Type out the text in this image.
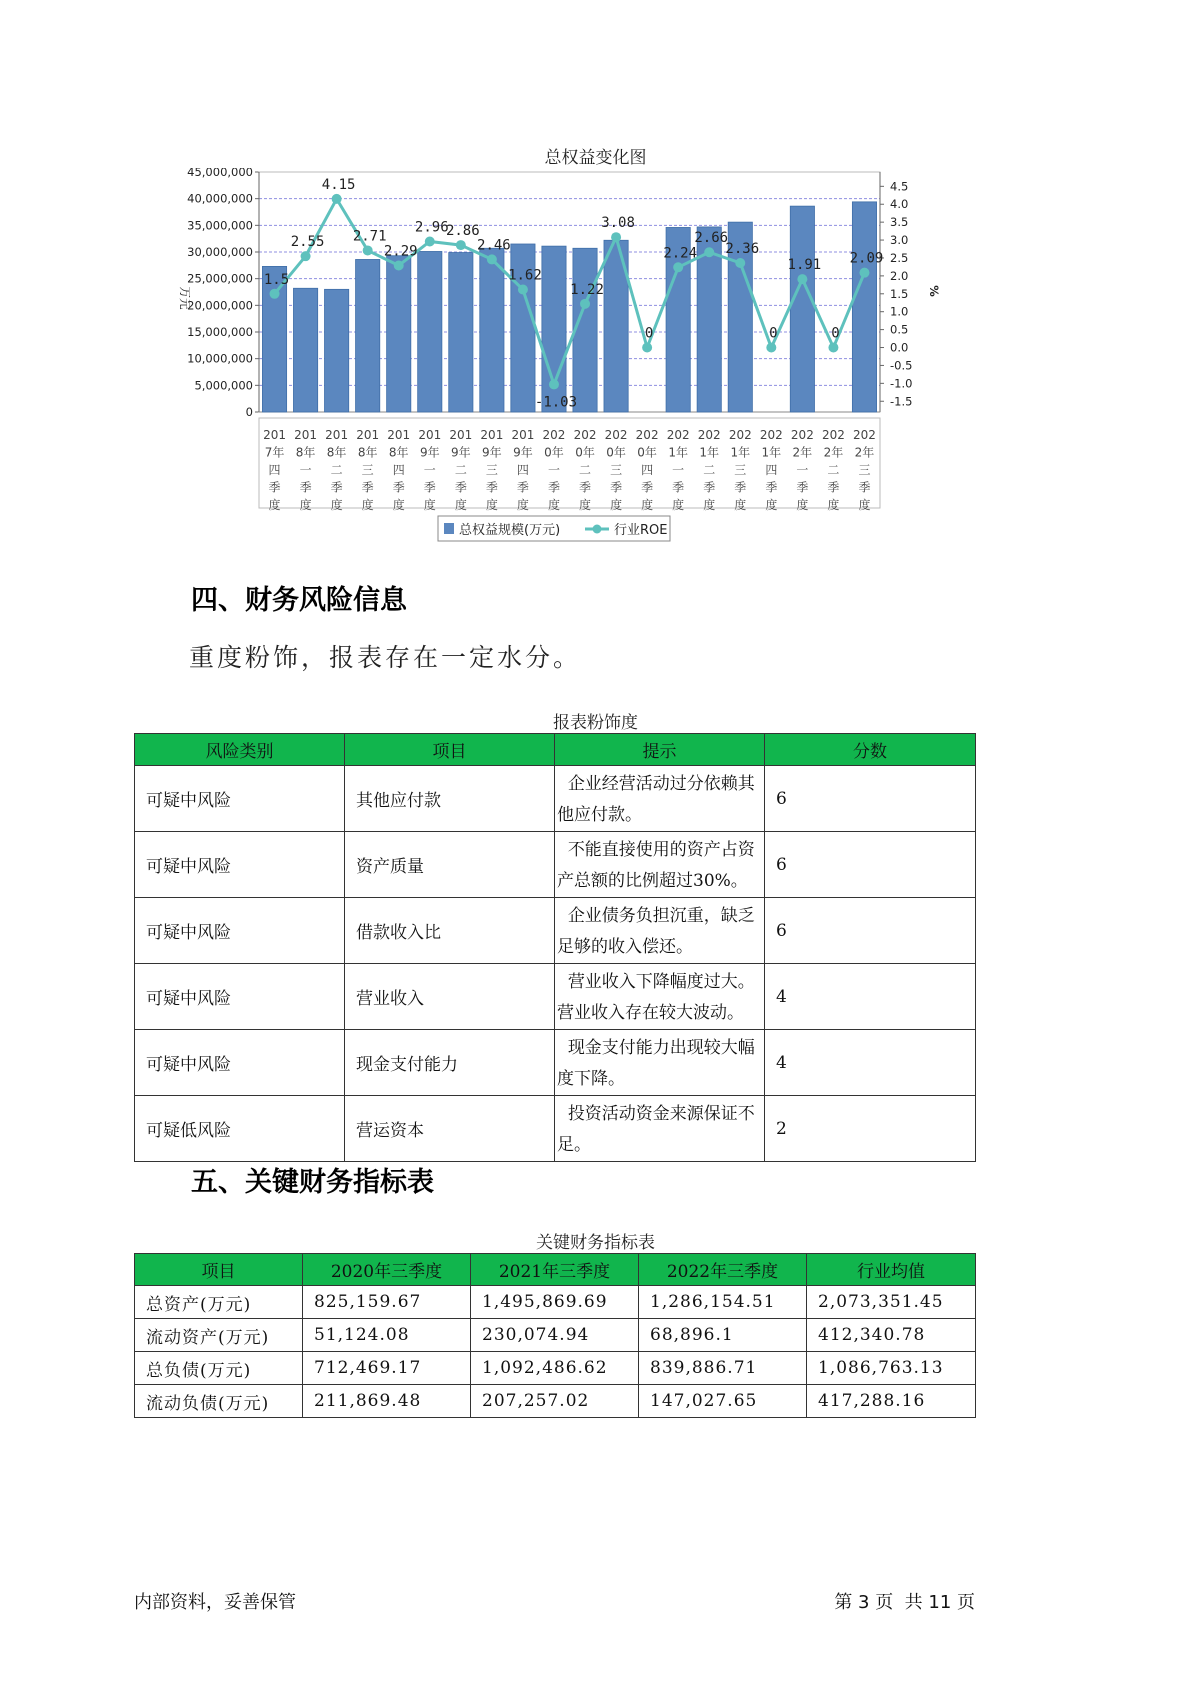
总权益变化图
45,000,000
40,000,000
35,000,000
30,000,000
25,000,000
20,000,000
15,000,000
10,000,000
5,000,000
0
4.5
4.0
3.5
3.0
2.5
2.0
1.5
1.0
0.5
0.0
-0.5
-1.0
-1.5
万元	%
201
7年
四
季
度
201
8年
一
季
度
201
8年
二
季
度
201
8年
三
季
度
201
8年
四
季
度
201
9年
一
季
度
201
9年
二
季
度
201
9年
三
季
度
201
9年
四
季
度
202
0年
一
季
度
202
0年
二
季
度
202
0年
三
季
度
202
0年
四
季
度
202
1年
一
季
度
202
1年
二
季
度
202
1年
三
季
度
202
1年
四
季
度
202
2年
一
季
度
202
2年
二
季
度
202
2年
三
季
度
1.5
2.55
4.15
2.71
2.29
2.96
2.86
2.46
1.62
-1.03
1.22
3.08
0
2.24
2.66
2.36
0
1.91
0
2.09
总权益规模(万元)	行业ROE
四、财务风险信息
重度粉饰，报表存在一定水分。
报表粉饰度
风险类别	项目	提示	分数
可疑中风险	其他应付款	企业经营活动过分依赖其他应付款。	6
可疑中风险	资产质量	不能直接使用的资产占资产总额的比例超过30%。	6
可疑中风险	借款收入比	企业债务负担沉重，缺乏足够的收入偿还。	6
可疑中风险	营业收入	营业收入下降幅度过大。营业收入存在较大波动。	4
可疑中风险	现金支付能力	现金支付能力出现较大幅度下降。	4
可疑低风险	营运资本	投资活动资金来源保证不足。	2
五、关键财务指标表
关键财务指标表
项目	2020年三季度	2021年三季度	2022年三季度	行业均值
总资产(万元)	825,159.67	1,495,869.69	1,286,154.51	2,073,351.45
流动资产(万元)	51,124.08	230,074.94	68,896.1	412,340.78
总负债(万元)	712,469.17	1,092,486.62	839,886.71	1,086,763.13
流动负债(万元)	211,869.48	207,257.02	147,027.65	417,288.16
内部资料，妥善保管	第 3 页  共 11 页
